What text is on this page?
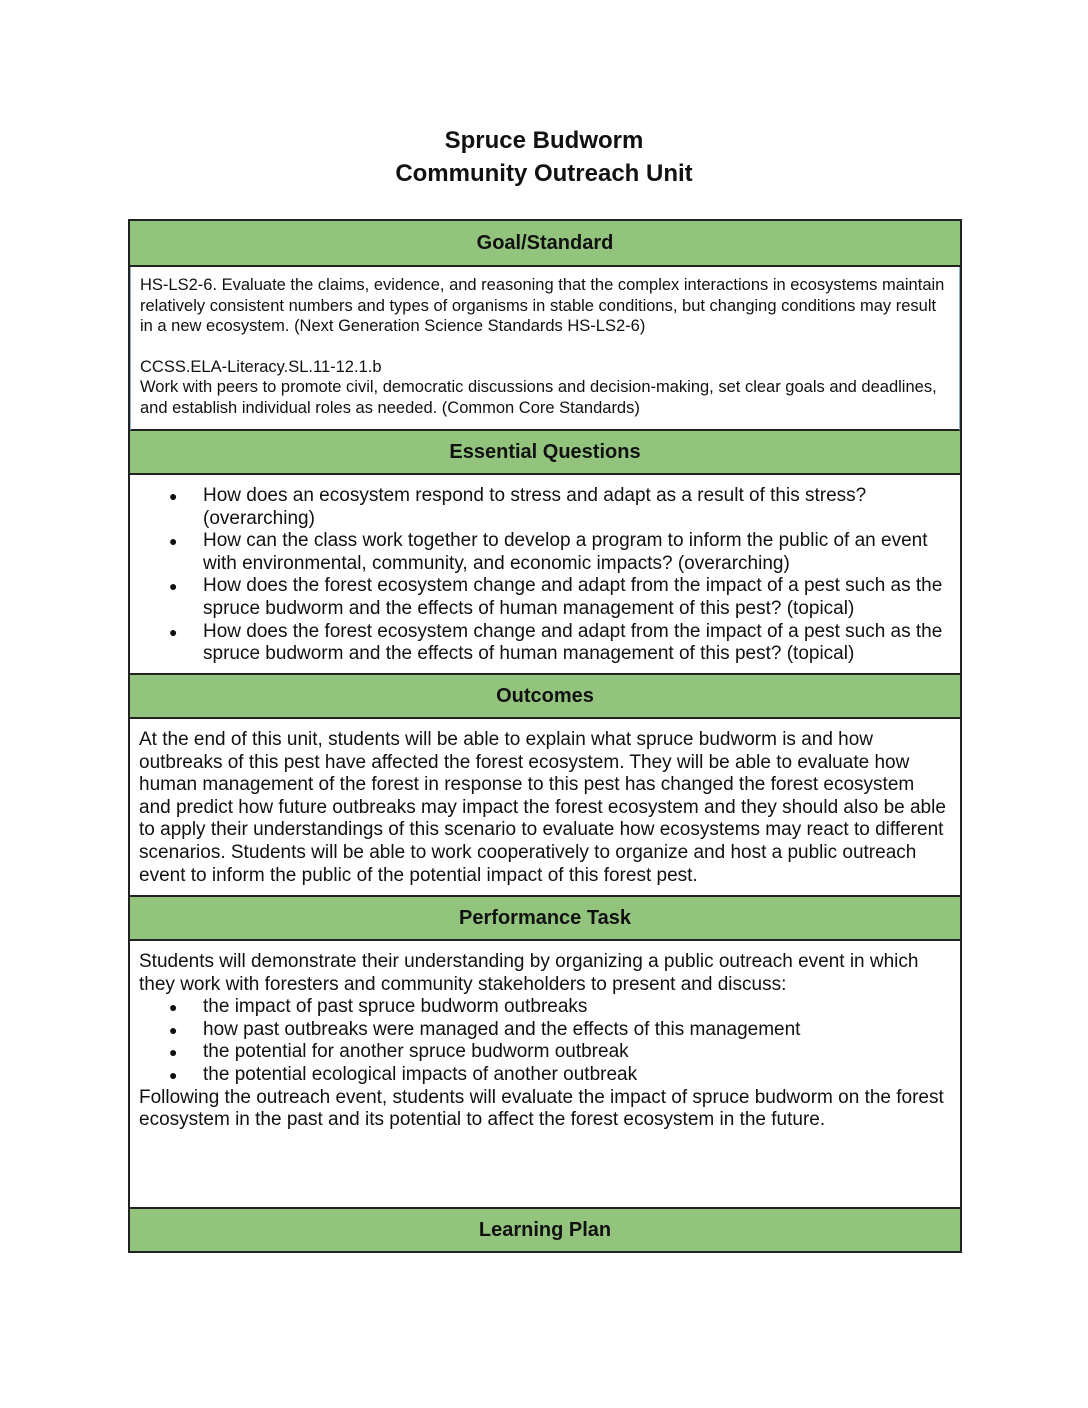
Spruce Budworm
Community Outreach Unit
Goal/Standard

HS-LS2-6. Evaluate the claims, evidence, and reasoning that the complex interactions in ecosystems maintain relatively consistent numbers and types of organisms in stable conditions, but changing conditions may result in a new ecosystem. (Next Generation Science Standards HS-LS2-6)

CCSS.ELA-Literacy.SL.11-12.1.b
Work with peers to promote civil, democratic discussions and decision-making, set clear goals and deadlines, and establish individual roles as needed. (Common Core Standards)

Essential Questions
● How does an ecosystem respond to stress and adapt as a result of this stress? (overarching)
● How can the class work together to develop a program to inform the public of an event with environmental, community, and economic impacts? (overarching)
● How does the forest ecosystem change and adapt from the impact of a pest such as the spruce budworm and the effects of human management of this pest? (topical)
● How does the forest ecosystem change and adapt from the impact of a pest such as the spruce budworm and the effects of human management of this pest? (topical)
Outcomes

At the end of this unit, students will be able to explain what spruce budworm is and how outbreaks of this pest have affected the forest ecosystem. They will be able to evaluate how human management of the forest in response to this pest has changed the forest ecosystem and predict how future outbreaks may impact the forest ecosystem and they should also be able to apply their understandings of this scenario to evaluate how ecosystems may react to different scenarios. Students will be able to work cooperatively to organize and host a public outreach event to inform the public of the potential impact of this forest pest.

Performance Task

Students will demonstrate their understanding by organizing a public outreach event in which they work with foresters and community stakeholders to present and discuss:

● the impact of past spruce budworm outbreaks
● how past outbreaks were managed and the effects of this management
● the potential for another spruce budworm outbreak
● the potential ecological impacts of another outbreak

Following the outreach event, students will evaluate the impact of spruce budworm on the forest ecosystem in the past and its potential to affect the forest ecosystem in the future.

Learning Plan
